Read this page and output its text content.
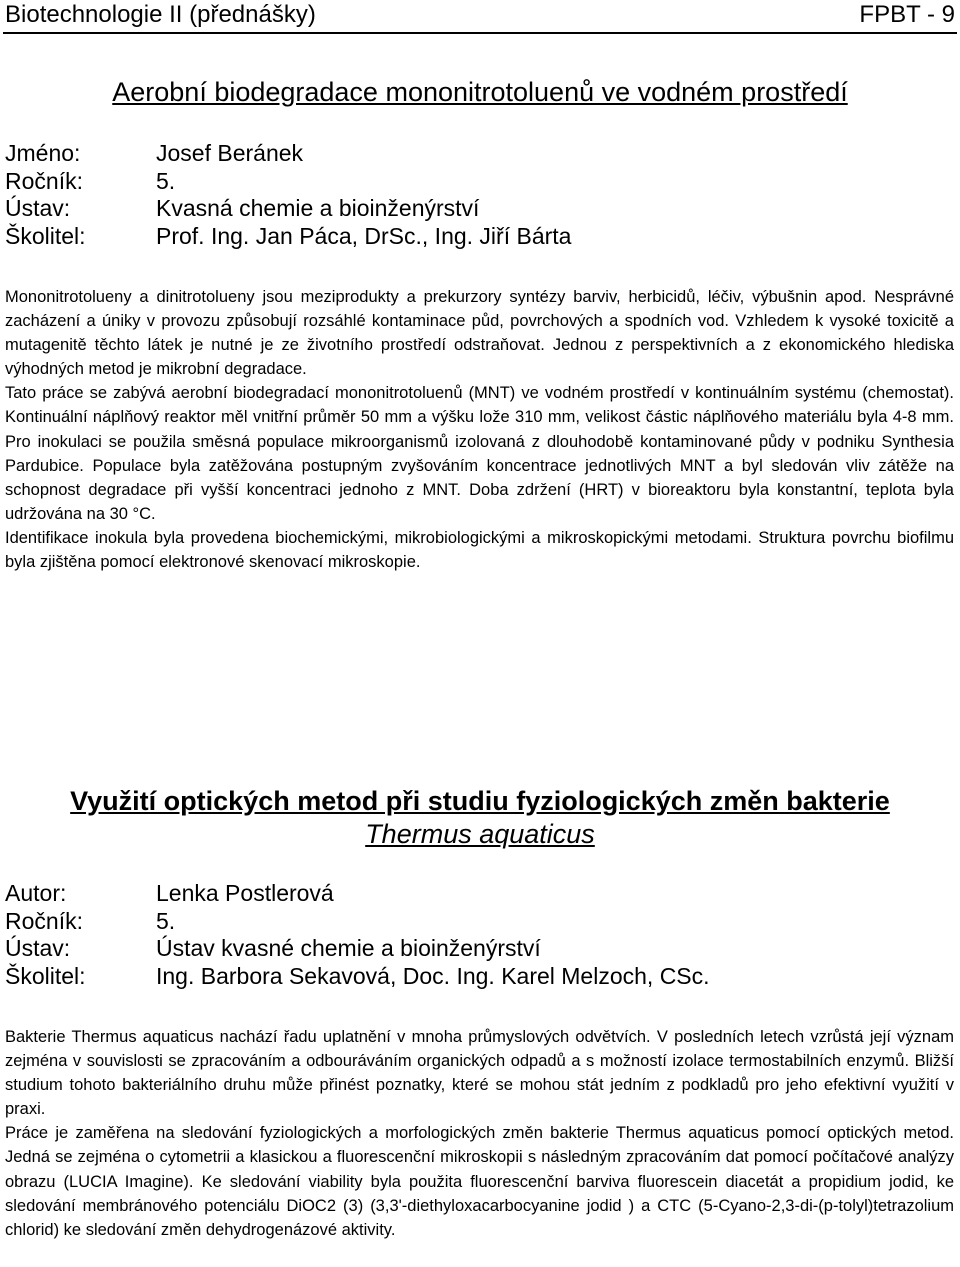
Biotechnologie II (přednášky)	FPBT - 9
Aerobní biodegradace mononitrotoluenů ve vodném prostředí
Jméno:	Josef Beránek
Ročník:	5.
Ústav:	Kvasná chemie a bioinženýrství
Školitel:	Prof. Ing. Jan Páca, DrSc., Ing. Jiří Bárta

Mononitrotolueny a dinitrotolueny jsou meziprodukty a prekurzory syntézy barviv, herbicidů, léčiv, výbušnin apod. Nesprávné zacházení a úniky v provozu způsobují rozsáhlé kontaminace půd, povrchových a spodních vod. Vzhledem k vysoké toxicitě a mutagenitě těchto látek je nutné je ze životního prostředí odstraňovat. Jednou z perspektivních a z ekonomického hlediska výhodných metod je mikrobní degradace.

Tato práce se zabývá aerobní biodegradací mononitrotoluenů (MNT) ve vodném prostředí v kontinuálním systému (chemostat). Kontinuální náplňový reaktor měl vnitřní průměr 50 mm a výšku lože 310 mm, velikost částic náplňového materiálu byla 4-8 mm. Pro inokulaci se použila směsná populace mikroorganismů izolovaná z dlouhodobě kontaminované půdy v podniku Synthesia Pardubice. Populace byla zatěžována postupným zvyšováním koncentrace jednotlivých MNT a byl sledován vliv zátěže na schopnost degradace při vyšší koncentraci jednoho z MNT. Doba zdržení (HRT) v bioreaktoru byla konstantní, teplota byla udržována na 30 °C.

Identifikace inokula byla provedena biochemickými, mikrobiologickými a mikroskopickými metodami. Struktura povrchu biofilmu byla zjištěna pomocí elektronové skenovací mikroskopie.

Využití optických metod při studiu fyziologických změn bakterie
Thermus aquaticus
Autor:	Lenka Postlerová
Ročník:	5.
Ústav:	Ústav kvasné chemie a bioinženýrství
Školitel:	Ing. Barbora Sekavová, Doc. Ing. Karel Melzoch, CSc.

Bakterie Thermus aquaticus nachází řadu uplatnění v mnoha průmyslových odvětvích. V posledních letech vzrůstá její význam zejména v souvislosti se zpracováním a odbouráváním organických odpadů a s možností izolace termostabilních enzymů. Bližší studium tohoto bakteriálního druhu může přinést poznatky, které se mohou stát jedním z podkladů pro jeho efektivní využití v praxi.

Práce je zaměřena na sledování fyziologických a morfologických změn bakterie Thermus aquaticus pomocí optických metod. Jedná se zejména o cytometrii a klasickou a fluorescenční mikroskopii s následným zpracováním dat pomocí počítačové analýzy obrazu (LUCIA Imagine). Ke sledování viability byla použita fluorescenční barviva fluorescein diacetát a propidium jodid, ke sledování membránového potenciálu DiOC2 (3) (3,3'-diethyloxacarbocyanine jodid ) a CTC (5-Cyano-2,3-di-(p-tolyl)tetrazolium chlorid) ke sledování změn dehydrogenázové aktivity.
